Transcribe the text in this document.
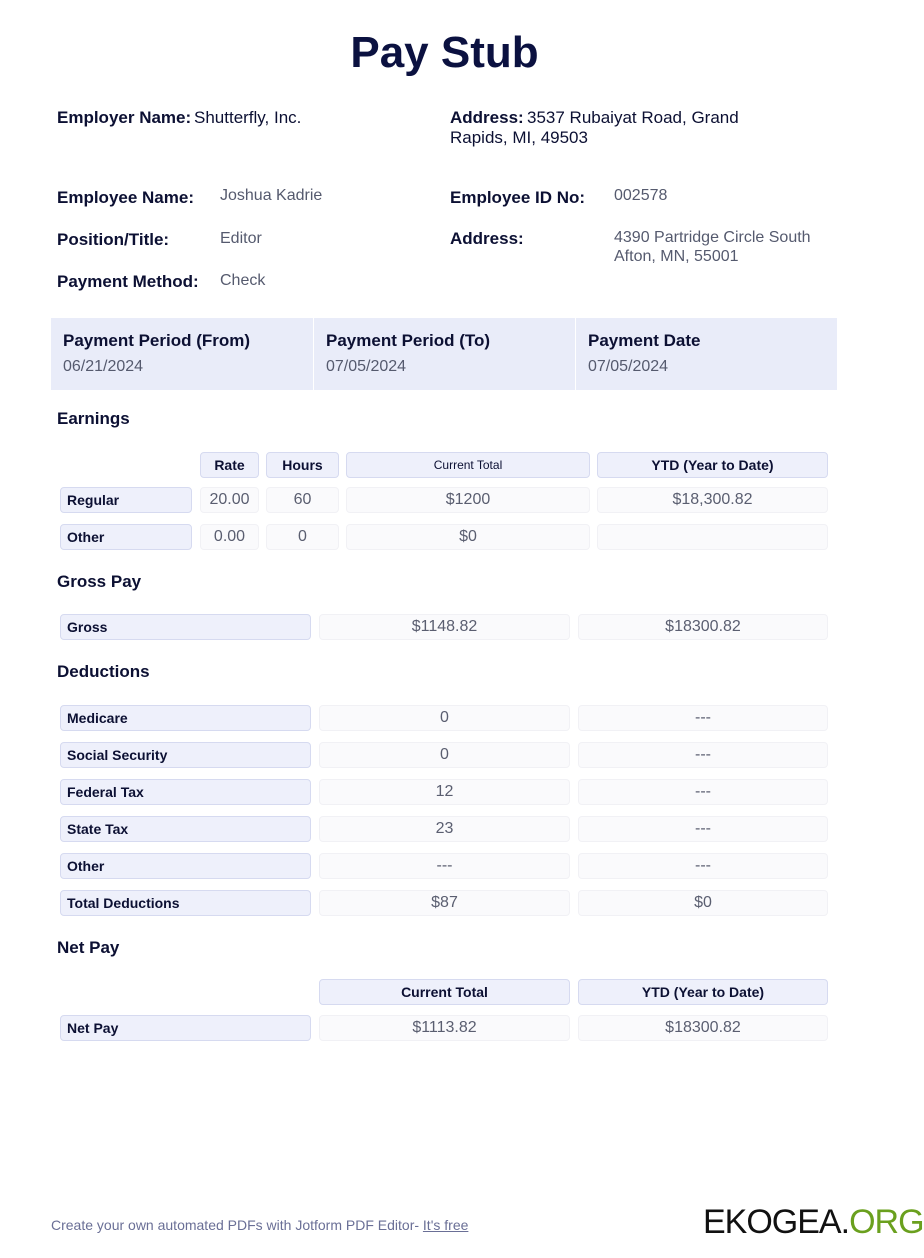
Pay Stub
Employer Name: Shutterfly, Inc.	Address: 3537 Rubaiyat Road, Grand
Rapids, MI, 49503
Employee Name: Joshua Kadrie	Employee ID No: 002578
Position/Title:	Editor	Address:	4390 Partridge Circle South
Afton, MN, 55001
Payment Method: Check
Payment Period (From)
06/21/2024
Payment Period (To)
07/05/2024
Payment Date
07/05/2024
Earnings
Rate	Hours	Current Total	YTD (Year to Date)
Regular	20.00	60	$1200	$18,300.82
Other	0.00	0	$0
Gross Pay
Gross	$1148.82	$18300.82
Deductions
Medicare	0	---
Social Security	0	---
Federal Tax	12	---
State Tax	23	---
Other	---	---
Total Deductions	$87	$0
Net Pay
Current Total	YTD (Year to Date)
Net Pay	$1113.82	$18300.82
Create your own automated PDFs with Jotform PDF Editor- It's free	EKOGEA.ORG
